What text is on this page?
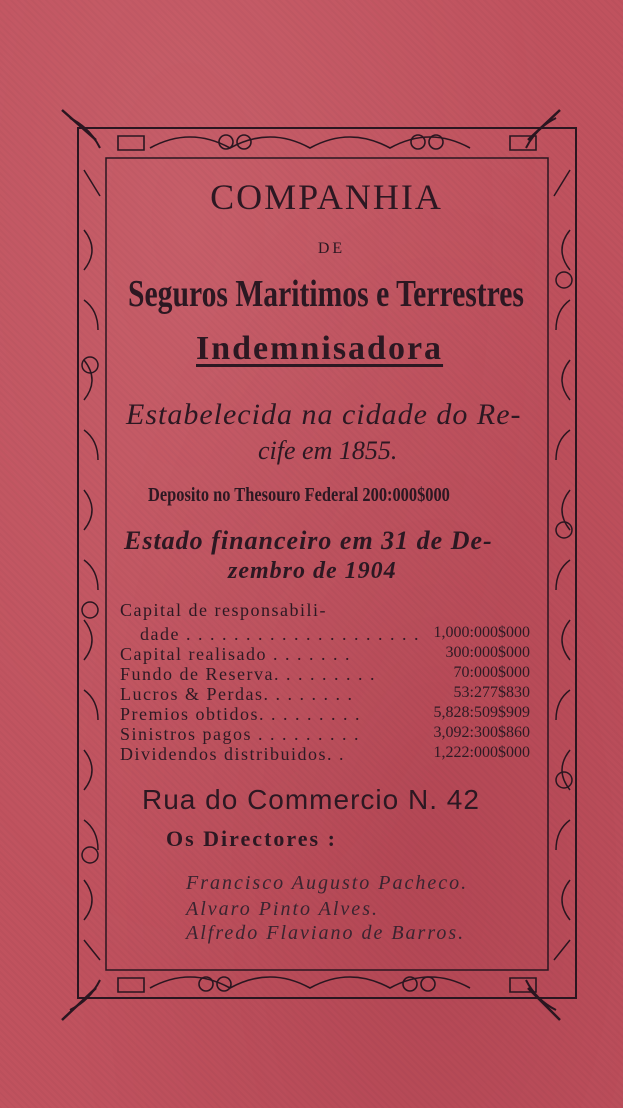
COMPANHIA
DE
Seguros Maritimos e Terrestres
Indemnisadora
Estabelecida na cidade do Re-
cife em 1855.
Deposito no Thesouro Federal 200:000$000
Estado financeiro em 31 de De-
zembro de 1904
Capital de responsabili-
dade . . . . . . . . . . . . . . . . . . . . 1,000:000$000
Capital realisado . . . . . . .	300:000$000
Fundo de Reserva. . . . . . . . .	70:000$000
Lucros & Perdas. . . . . . . .	53:277$830
Premios obtidos. . . . . . . . .	5,828:509$909
Sinistros pagos . . . . . . . . .	3,092:300$860
Dividendos distribuidos. .	1,222:000$000
Rua do Commercio N. 42
Os Directores :
Francisco Augusto Pacheco.
Alvaro Pinto Alves.
Alfredo Flaviano de Barros.
